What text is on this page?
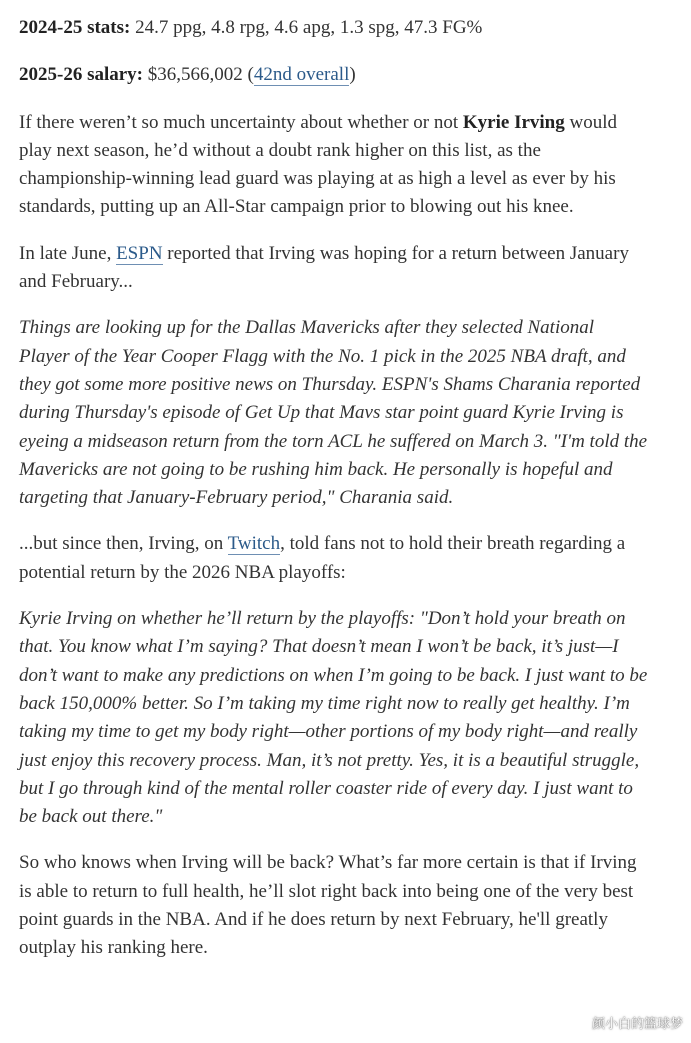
2024-25 stats: 24.7 ppg, 4.8 rpg, 4.6 apg, 1.3 spg, 47.3 FG%

2025-26 salary: $36,566,002 (42nd overall)

If there weren’t so much uncertainty about whether or not Kyrie Irving would play next season, he’d without a doubt rank higher on this list, as the championship-winning lead guard was playing at as high a level as ever by his standards, putting up an All-Star campaign prior to blowing out his knee.

In late June, ESPN reported that Irving was hoping for a return between January and February...

Things are looking up for the Dallas Mavericks after they selected National Player of the Year Cooper Flagg with the No. 1 pick in the 2025 NBA draft, and they got some more positive news on Thursday. ESPN's Shams Charania reported during Thursday's episode of Get Up that Mavs star point guard Kyrie Irving is eyeing a midseason return from the torn ACL he suffered on March 3. "I'm told the Mavericks are not going to be rushing him back. He personally is hopeful and targeting that January-February period," Charania said.

...but since then, Irving, on Twitch, told fans not to hold their breath regarding a potential return by the 2026 NBA playoffs:

Kyrie Irving on whether he’ll return by the playoffs: "Don’t hold your breath on that. You know what I’m saying? That doesn’t mean I won’t be back, it’s just—I don’t want to make any predictions on when I’m going to be back. I just want to be back 150,000% better. So I’m taking my time right now to really get healthy. I’m taking my time to get my body right—other portions of my body right—and really just enjoy this recovery process. Man, it’s not pretty. Yes, it is a beautiful struggle, but I go through kind of the mental roller coaster ride of every day. I just want to be back out there."

So who knows when Irving will be back? What’s far more certain is that if Irving is able to return to full health, he’ll slot right back into being one of the very best point guards in the NBA. And if he does return by next February, he'll greatly outplay his ranking here.

颜小白的篮球梦
